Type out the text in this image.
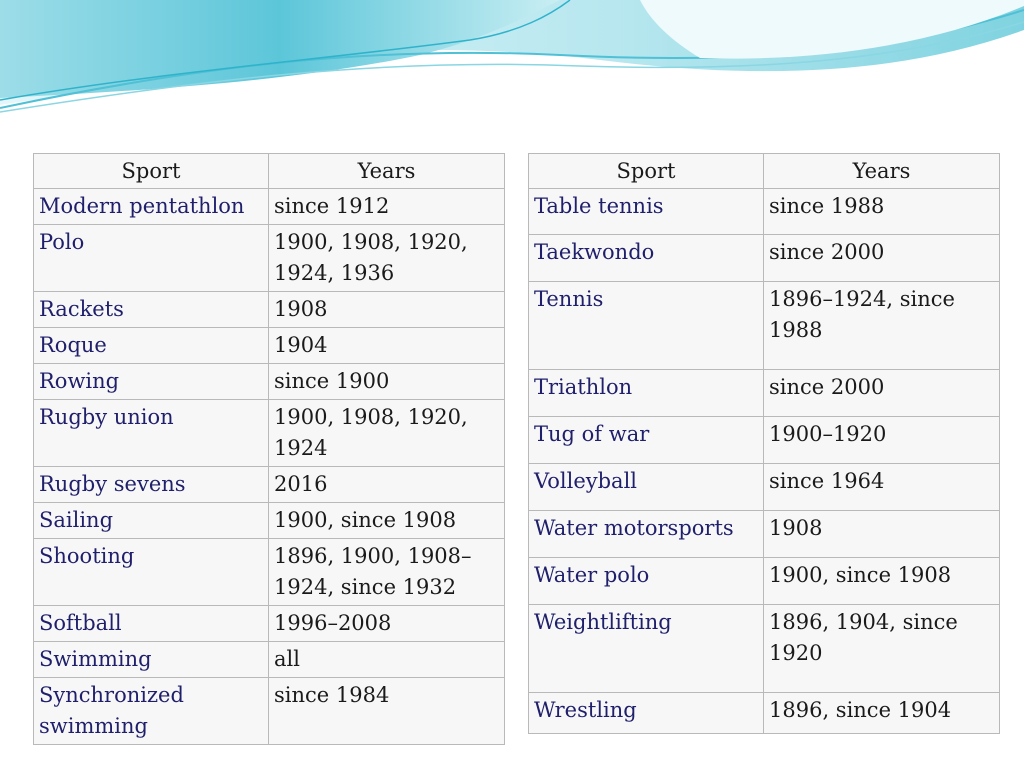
Sport	Years
Modern pentathlon	since 1912
Polo	1900, 1908, 1920, 1924, 1936
Rackets	1908
Roque	1904
Rowing	since 1900
Rugby union	1900, 1908, 1920, 1924
Rugby sevens	2016
Sailing	1900, since 1908
Shooting	1896, 1900, 1908–1924, since 1932
Softball	1996–2008
Swimming	all
Synchronized swimming	since 1984
Sport	Years
Table tennis	since 1988
Taekwondo	since 2000
Tennis	1896–1924, since 1988
Triathlon	since 2000
Tug of war	1900–1920
Volleyball	since 1964
Water motorsports	1908
Water polo	1900, since 1908
Weightlifting	1896, 1904, since 1920
Wrestling	1896, since 1904
